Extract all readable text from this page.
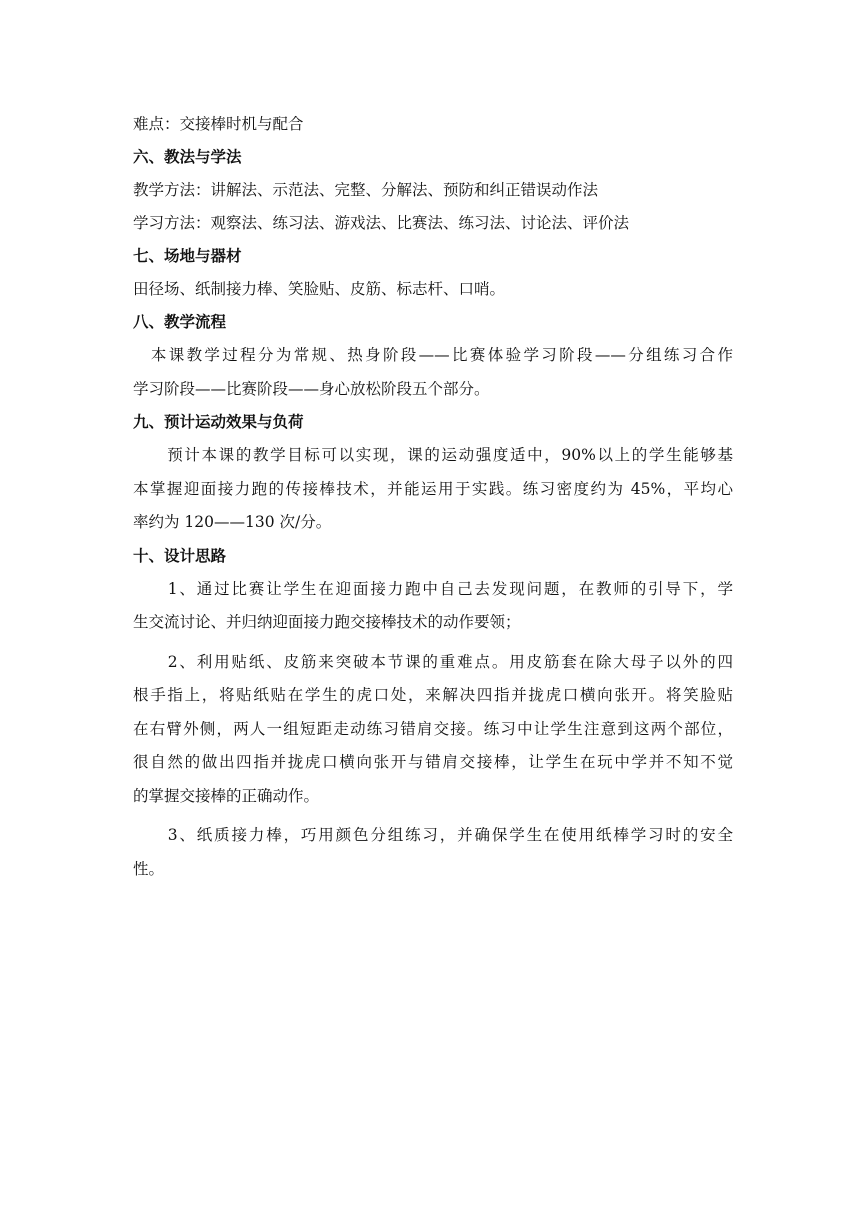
难点：交接棒时机与配合

六、教法与学法

教学方法：讲解法、示范法、完整、分解法、预防和纠正错误动作法

学习方法：观察法、练习法、游戏法、比赛法、练习法、讨论法、评价法

七、场地与器材

田径场、纸制接力棒、笑脸贴、皮筋、标志杆、口哨。

八、教学流程

　本课教学过程分为常规、热身阶段——比赛体验学习阶段——分组练习合作
学习阶段——比赛阶段——身心放松阶段五个部分。

九、预计运动效果与负荷

　　预计本课的教学目标可以实现，课的运动强度适中，90%以上的学生能够基
本掌握迎面接力跑的传接棒技术，并能运用于实践。练习密度约为 45%，平均心
率约为 120——130 次/分。

十、设计思路

　　1、通过比赛让学生在迎面接力跑中自己去发现问题，在教师的引导下，学
生交流讨论、并归纳迎面接力跑交接棒技术的动作要领；
　　2、利用贴纸、皮筋来突破本节课的重难点。用皮筋套在除大母子以外的四
根手指上，将贴纸贴在学生的虎口处，来解决四指并拢虎口横向张开。将笑脸贴
在右臂外侧，两人一组短距走动练习错肩交接。练习中让学生注意到这两个部位，
很自然的做出四指并拢虎口横向张开与错肩交接棒，让学生在玩中学并不知不觉
的掌握交接棒的正确动作。
　　3、纸质接力棒，巧用颜色分组练习，并确保学生在使用纸棒学习时的安全
性。
